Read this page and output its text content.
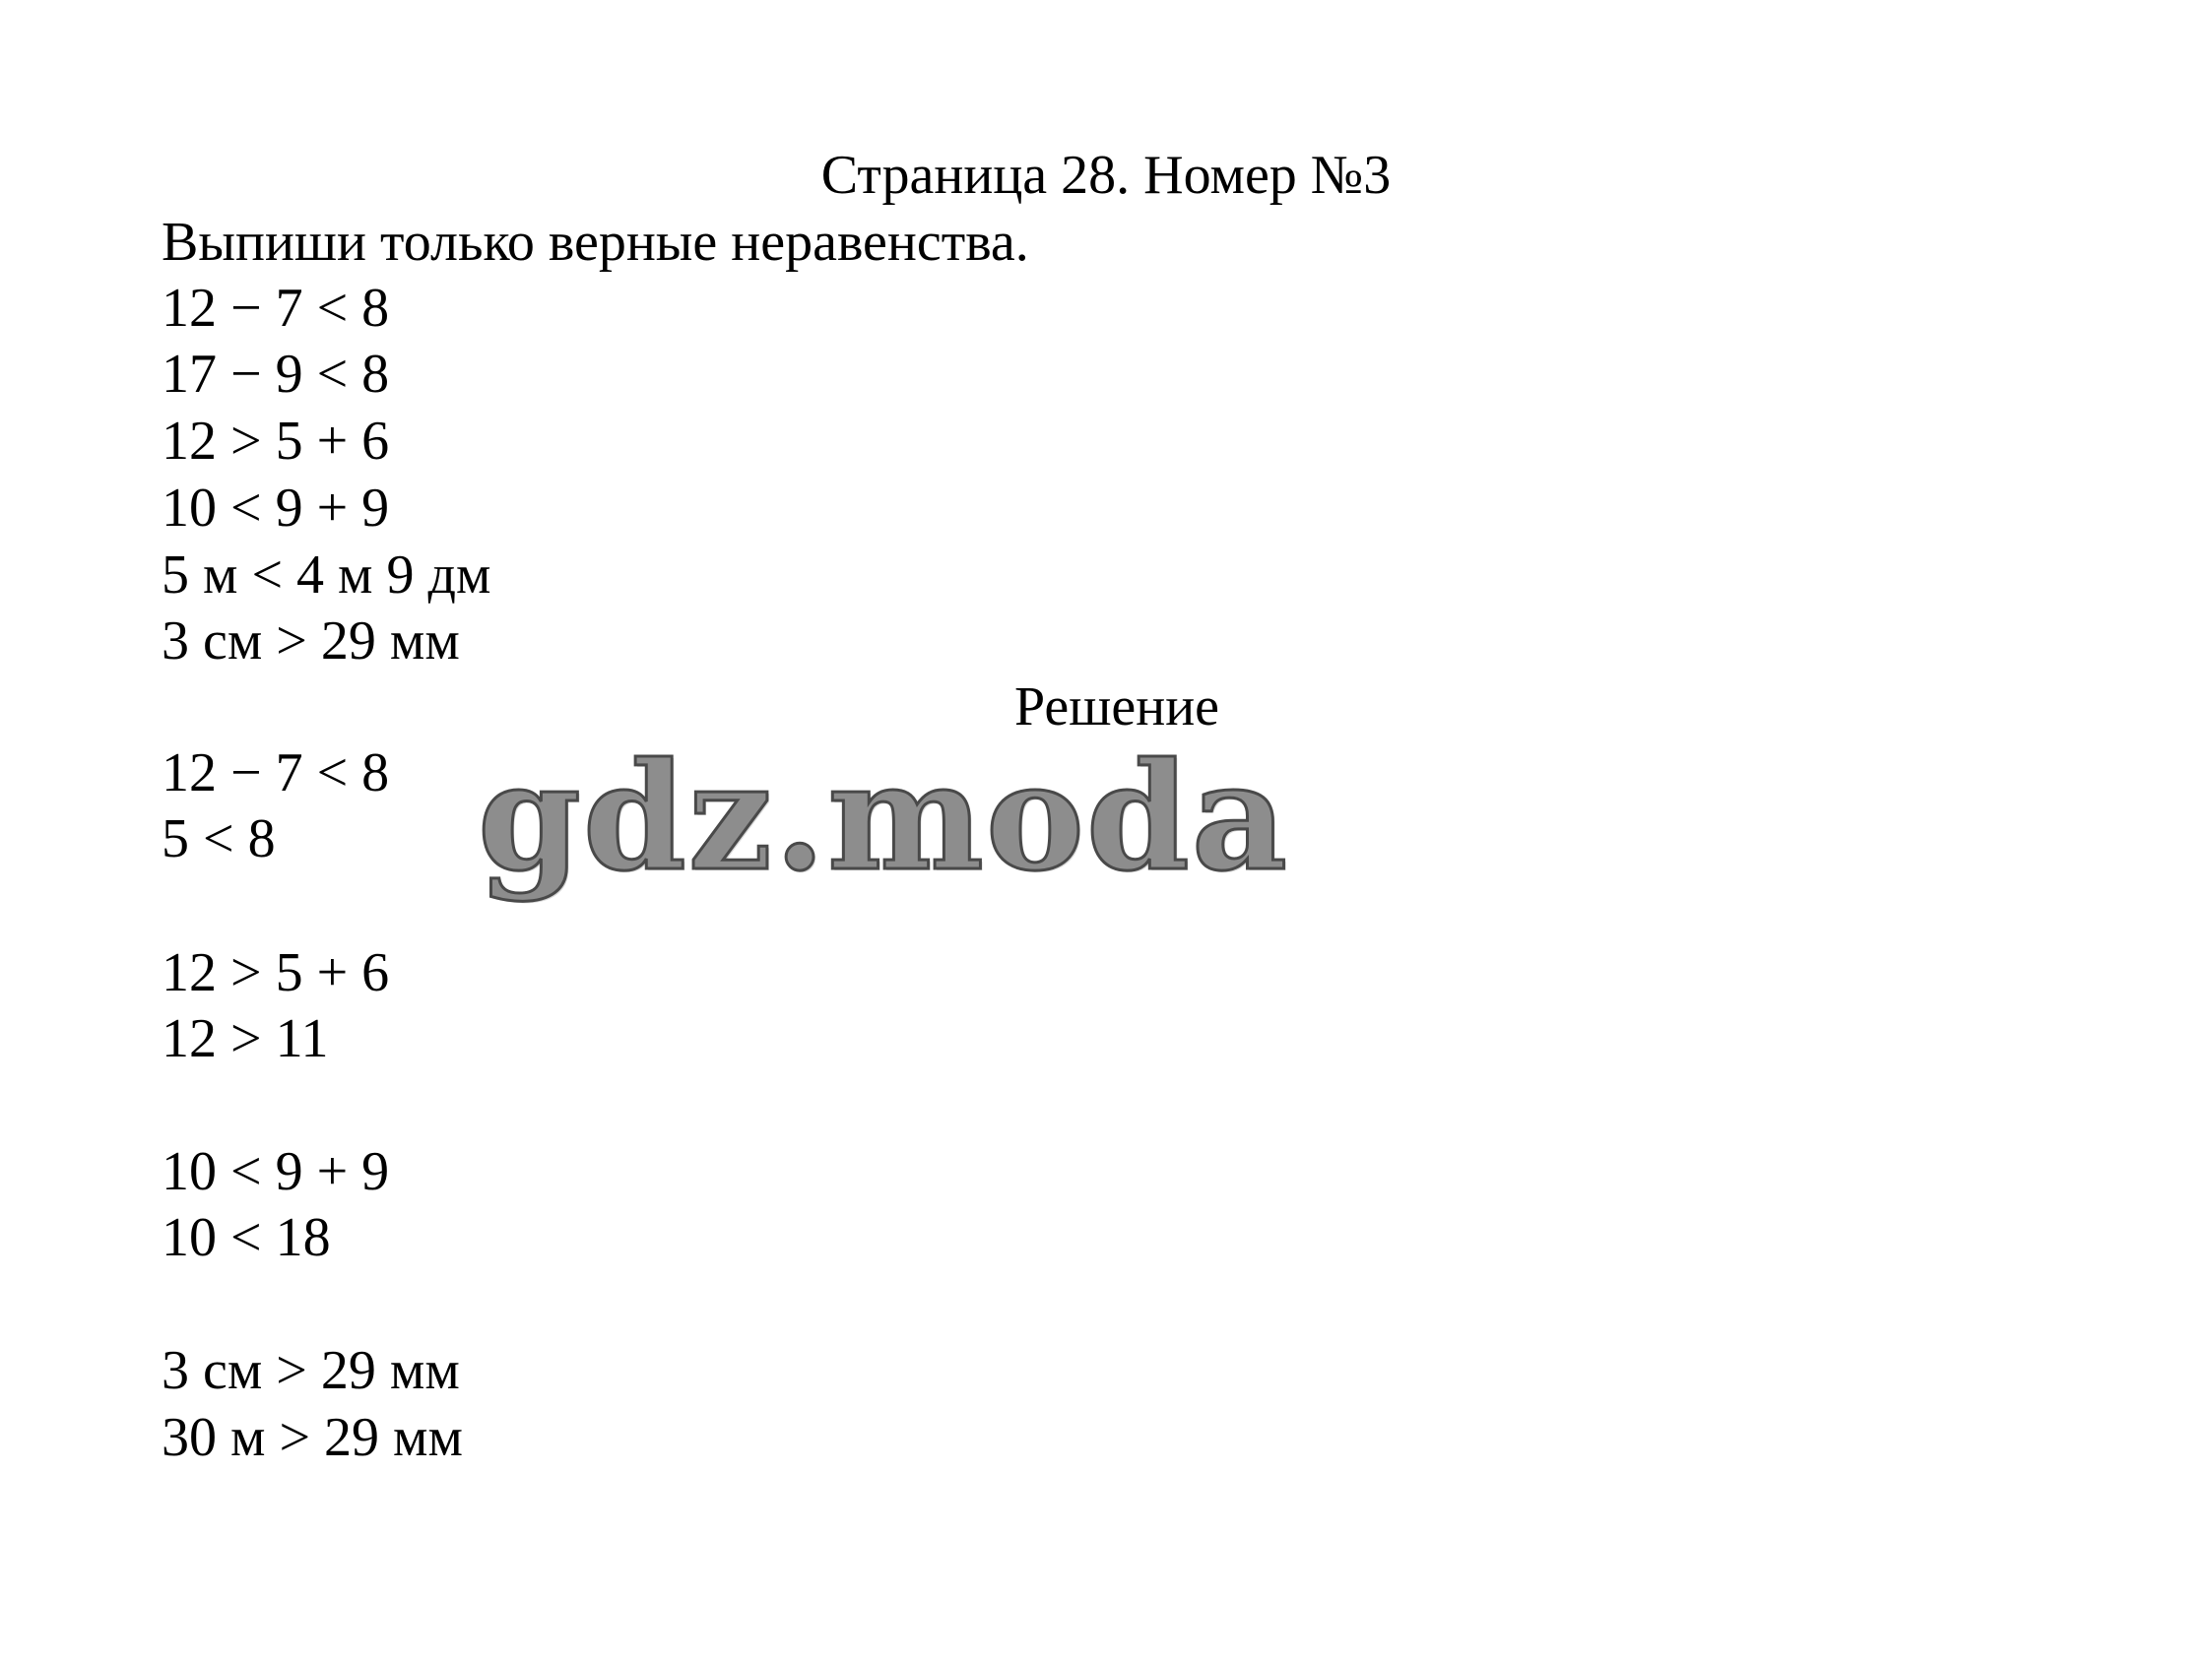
Страница 28. Номер №3
Выпиши только верные неравенства.
12 − 7 < 8
17 − 9 < 8
12 > 5 + 6
10 < 9 + 9
5 м < 4 м 9 дм
3 см > 29 мм
Решение
gdz.moda
12 − 7 < 8
5 < 8
12 > 5 + 6
12 > 11
10 < 9 + 9
10 < 18
3 см > 29 мм
30 м > 29 мм
